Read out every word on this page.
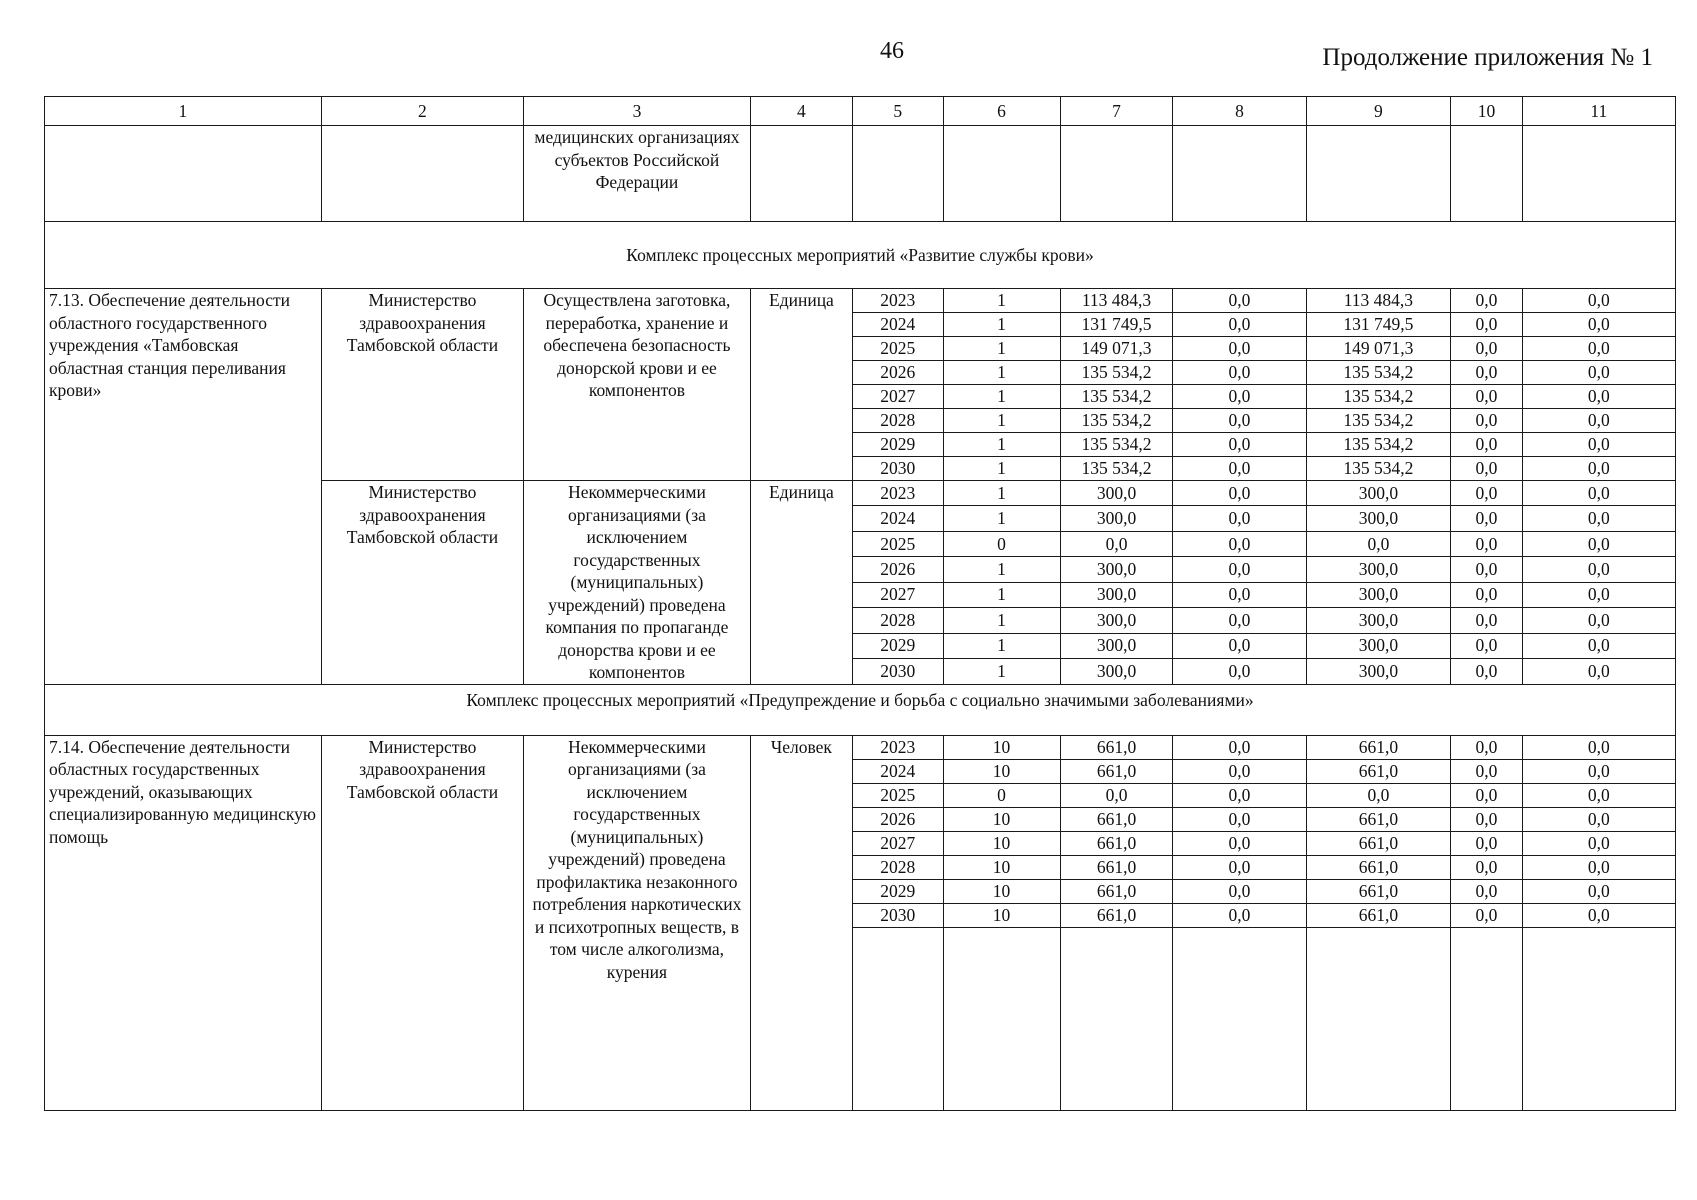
46	Продолжение приложения № 1
1	2	3	4	5	6	7	8	9	10	11
		медицинских организациях субъектов Российской Федерации								
Комплекс процессных мероприятий «Развитие службы крови»										
7.13. Обеспечение деятельности областного государственного учреждения «Тамбовская областная станция переливания крови»	Министерство здравоохранения Тамбовской области	Осуществлена заготовка, переработка, хранение и обеспечена безопасность донорской крови и ее компонентов	Единица	2023	1	113 484,3	0,0	113 484,3	0,0	0,0
				2024	1	131 749,5	0,0	131 749,5	0,0	0,0
				2025	1	149 071,3	0,0	149 071,3	0,0	0,0
				2026	1	135 534,2	0,0	135 534,2	0,0	0,0
				2027	1	135 534,2	0,0	135 534,2	0,0	0,0
				2028	1	135 534,2	0,0	135 534,2	0,0	0,0
				2029	1	135 534,2	0,0	135 534,2	0,0	0,0
				2030	1	135 534,2	0,0	135 534,2	0,0	0,0
	Министерство здравоохранения Тамбовской области	Некоммерческими организациями (за исключением государственных (муниципальных) учреждений) проведена компания по пропаганде донорства крови и ее компонентов	Единица	2023	1	300,0	0,0	300,0	0,0	0,0
				2024	1	300,0	0,0	300,0	0,0	0,0
				2025	0	0,0	0,0	0,0	0,0	0,0
				2026	1	300,0	0,0	300,0	0,0	0,0
				2027	1	300,0	0,0	300,0	0,0	0,0
				2028	1	300,0	0,0	300,0	0,0	0,0
				2029	1	300,0	0,0	300,0	0,0	0,0
				2030	1	300,0	0,0	300,0	0,0	0,0
Комплекс процессных мероприятий «Предупреждение и борьба с социально значимыми заболеваниями»										
7.14. Обеспечение деятельности областных государственных учреждений, оказывающих специализированную медицинскую помощь	Министерство здравоохранения Тамбовской области	Некоммерческими организациями (за исключением государственных (муниципальных) учреждений) проведена профилактика незаконного потребления наркотических и психотропных веществ, в том числе алкоголизма, курения	Человек	2023	10	661,0	0,0	661,0	0,0	0,0
				2024	10	661,0	0,0	661,0	0,0	0,0
				2025	0	0,0	0,0	0,0	0,0	0,0
				2026	10	661,0	0,0	661,0	0,0	0,0
				2027	10	661,0	0,0	661,0	0,0	0,0
				2028	10	661,0	0,0	661,0	0,0	0,0
				2029	10	661,0	0,0	661,0	0,0	0,0
				2030	10	661,0	0,0	661,0	0,0	0,0
